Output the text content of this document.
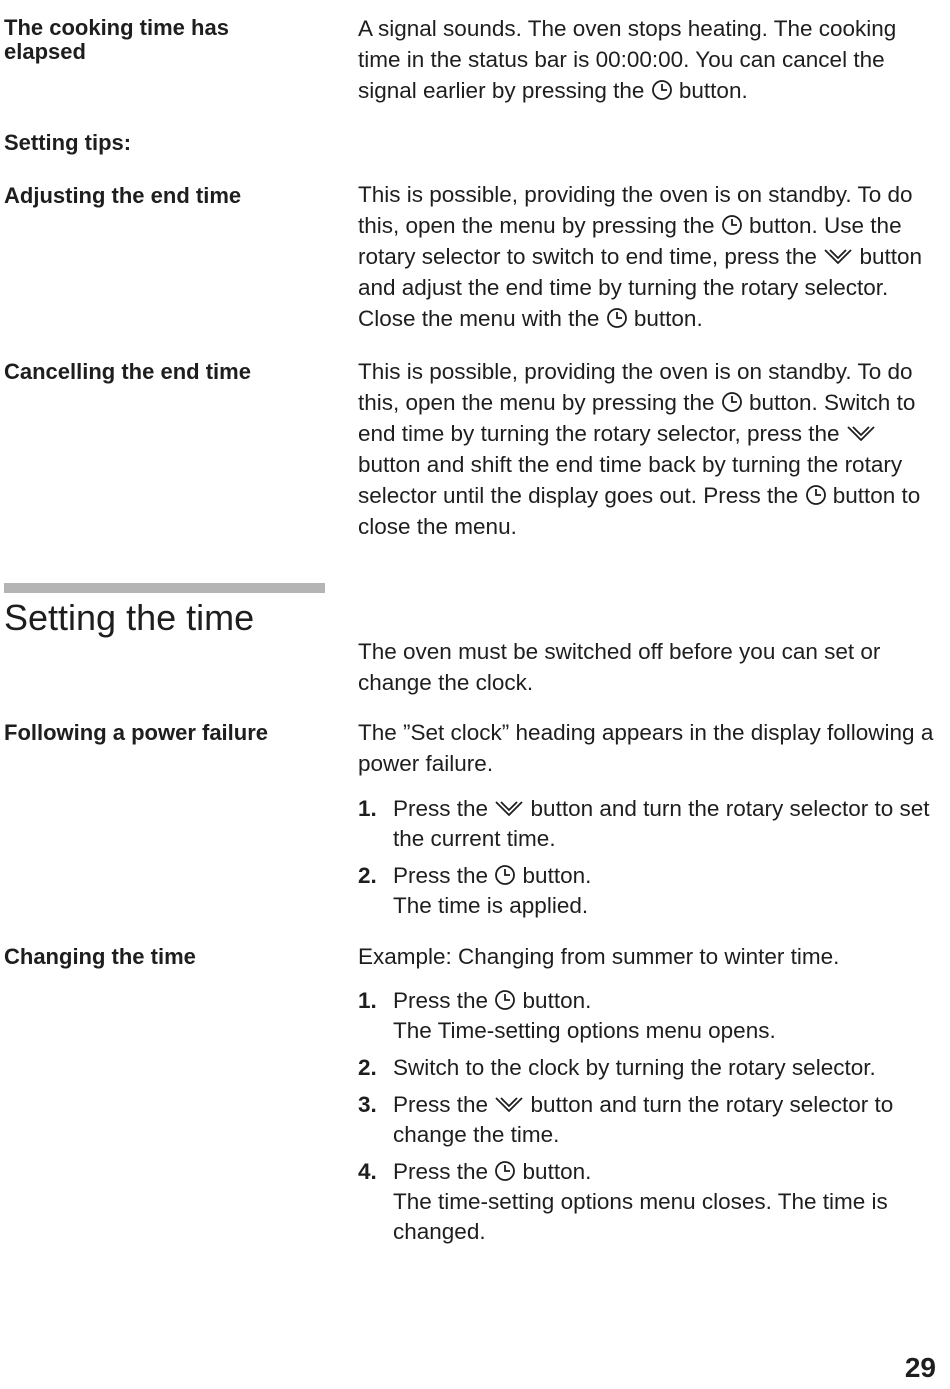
The cooking time has elapsed
A signal sounds. The oven stops heating. The cooking time in the status bar is 00:00:00. You can cancel the signal earlier by pressing the
button.
Setting tips:
Adjusting the end time	This is possible, providing the oven is on standby. To do this, open the menu by pressing the
button. Use the rotary selector to switch to end time, press the
button and adjust the end time by turning the rotary selector. Close the menu with the
button.
Cancelling the end time	This is possible, providing the oven is on standby. To do this, open the menu by pressing the
button. Switch to end time by turning the rotary selector, press the
button and shift the end time back by turning the rotary selector until the display goes out. Press the
button to close the menu.
Setting the time
The oven must be switched off before you can set or change the clock.
Following a power failure	The ”Set clock” heading appears in the display following a power failure.
1. Press the
button and turn the rotary selector to set the current time.
2. Press the
button.
The time is applied.
Changing the time	Example: Changing from summer to winter time.
1. Press the
button.
The Time-setting options menu opens.
2. Switch to the clock by turning the rotary selector.
3. Press the
button and turn the rotary selector to change the time.
4. Press the
button.
The time-setting options menu closes. The time is changed.
29
